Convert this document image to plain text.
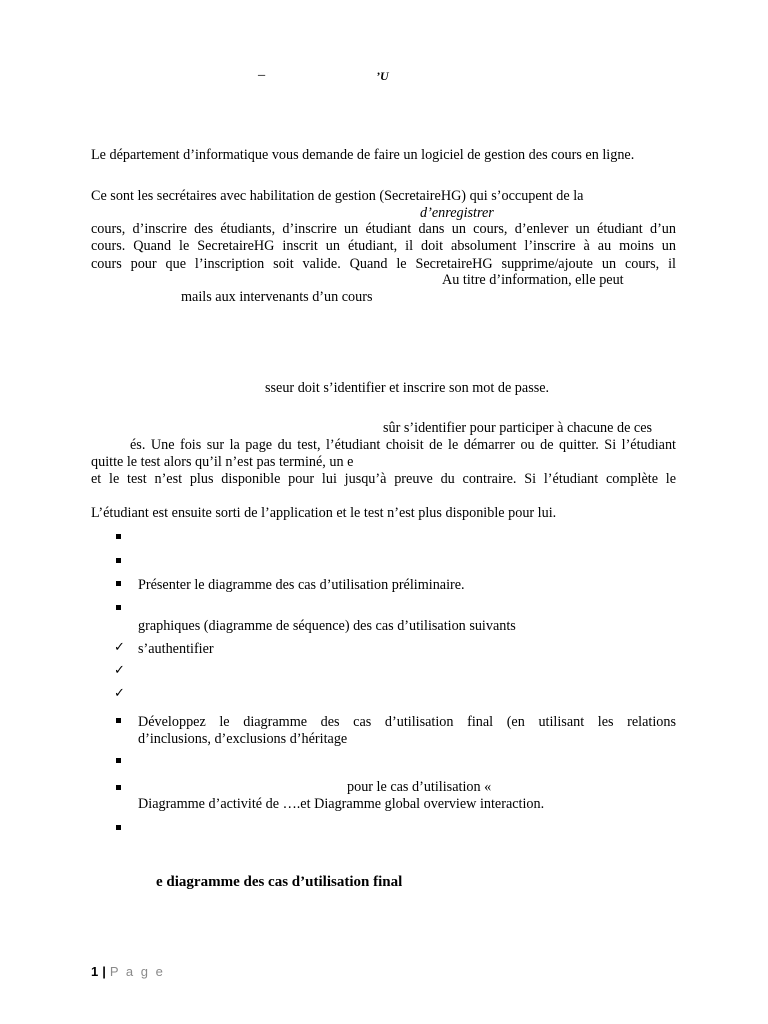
–	’U
Le département d’informatique vous demande de faire un logiciel de gestion des cours en ligne.
Ce sont les secrétaires avec habilitation de gestion (SecretaireHG) qui s’occupent de la
d’enregistrer
cours, d’inscrire des étudiants, d’inscrire un étudiant dans un cours, d’enlever un étudiant d’un
cours. Quand le SecretaireHG inscrit un étudiant, il doit absolument l’inscrire à au moins un
cours pour que l’inscription soit valide. Quand le SecretaireHG supprime/ajoute un cours, il
Au titre d’information, elle peut
mails aux intervenants d’un cours
sseur doit s’identifier et inscrire son mot de passe.
sûr s’identifier pour participer à chacune de ces
és. Une fois sur la page du test, l’étudiant choisit de le démarrer ou de quitter. Si l’étudiant
quitte le test alors qu’il n’est pas terminé, un e
et le test n’est plus disponible pour lui jusqu’à preuve du contraire. Si l’étudiant complète le
L’étudiant est ensuite sorti de l’application et le test n’est plus disponible pour lui.
Présenter le diagramme des cas d’utilisation préliminaire.
graphiques (diagramme de séquence) des cas d’utilisation suivants
✓ s’authentifier
✓
✓
Développez le diagramme des cas d’utilisation final (en utilisant les relations
d’inclusions, d’exclusions d’héritage
pour le cas d’utilisation «
Diagramme d’activité de ….et Diagramme global overview interaction.
e diagramme des cas d’utilisation final
1 | P a g e
